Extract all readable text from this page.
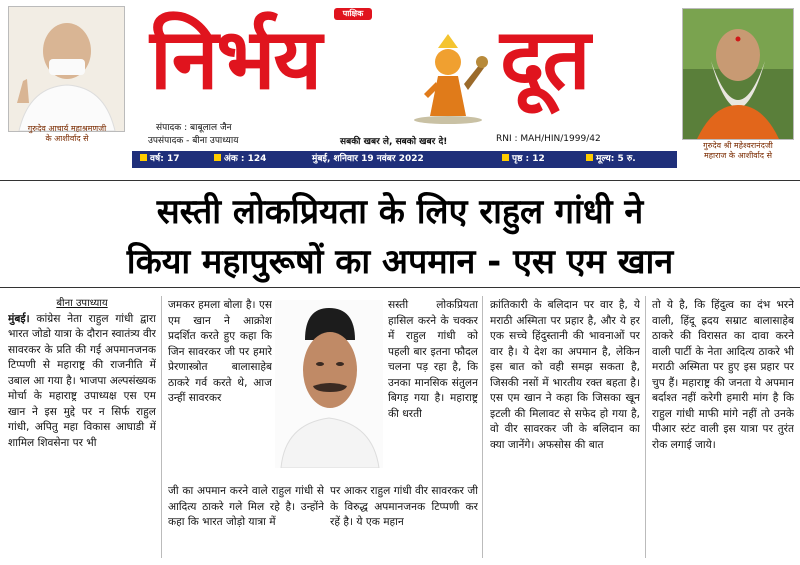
गुरुदेव आचार्य महाश्रमणजी
के आशीर्वाद से
गुरुदेव श्री महेश्वरानंदजी
महाराज के आशीर्वाद से
पाक्षिक
निर्भय दूत
संपादक : बाबूलाल जैन
उपसंपादक - बीना उपाध्याय	सबकी खबर ले, सबको खबर दे!	RNI : MAH/HIN/1999/42
वर्ष: 17	अंक : 124	मुंबई, शनिवार 19 नवंबर 2022	पृष्ठ : 12	मूल्य: 5 रु.
सस्ती लोकप्रियता के लिए राहुल गांधी ने
किया महापुरूषों का अपमान - एस एम खान
बीना उपाध्याय
मुंबई। कांग्रेस नेता राहुल गांधी द्वारा भारत जोडो यात्रा के दौरान स्वातंत्र्य वीर सावरकर के प्रति की गई अपमानजनक टिप्पणी से महाराष्ट्र की राजनीति में उबाल आ गया है। भाजपा अल्पसंख्यक मोर्चा के महाराष्ट्र उपाध्यक्ष एस एम खान ने इस मुद्दे पर न सिर्फ राहुल गांधी, अपितु महा विकास आघाडी में शामिल शिवसेना पर भी
जमकर हमला बोला है। एस एम खान ने आक्रोश प्रदर्शित करते हुए कहा कि जिन सावरकर जी पर हमारे प्रेरणास्त्रोत बालासाहेब ठाकरे गर्व करते थे, आज उन्हीं सावरकर
जी का अपमान करने वाले राहुल गांधी से आदित्य ठाकरे गले मिल रहे है। उन्होंने कहा कि भारत जोड़ो यात्रा में
सस्ती लोकप्रियता हासिल करने के चक्कर में राहुल गांधी को पहली बार इतना फौदल चलना पड़ रहा है, कि उनका मानसिक संतुलन बिगड़ गया है। महाराष्ट्र की धरती
पर आकर राहुल गांधी वीर सावरकर जी के विरुद्ध अपमानजनक टिप्पणी कर रहें है। ये एक महान
क्रांतिकारी के बलिदान पर वार है, ये मराठी अस्मिता पर प्रहार है, और ये हर एक सच्चे हिंदुस्तानी की भावनाओं पर वार है। ये देश का अपमान है, लेकिन इस बात को वही समझ सकता है, जिसकी नसों में भारतीय रक्त बहता है। एस एम खान ने कहा कि जिसका खून इटली की मिलावट से सफेद हो गया है, वो वीर सावरकर जी के बलिदान का क्या जानेंगे। अफसोस की बात
तो ये है, कि हिंदुत्व का दंभ भरने वाली, हिंदू ह्रदय सम्राट बालासाहेब ठाकरे की विरासत का दावा करने वाली पार्टी के नेता आदित्य ठाकरे भी मराठी अस्मिता पर हुए इस प्रहार पर चुप हैं। महाराष्ट्र की जनता ये अपमान बर्दाश्त नहीं करेगी हमारी मांग है कि राहुल गांधी माफी मांगे नहीं तो उनके पीआर स्टंट वाली इस यात्रा पर तुरंत रोक लगाई जाये।
